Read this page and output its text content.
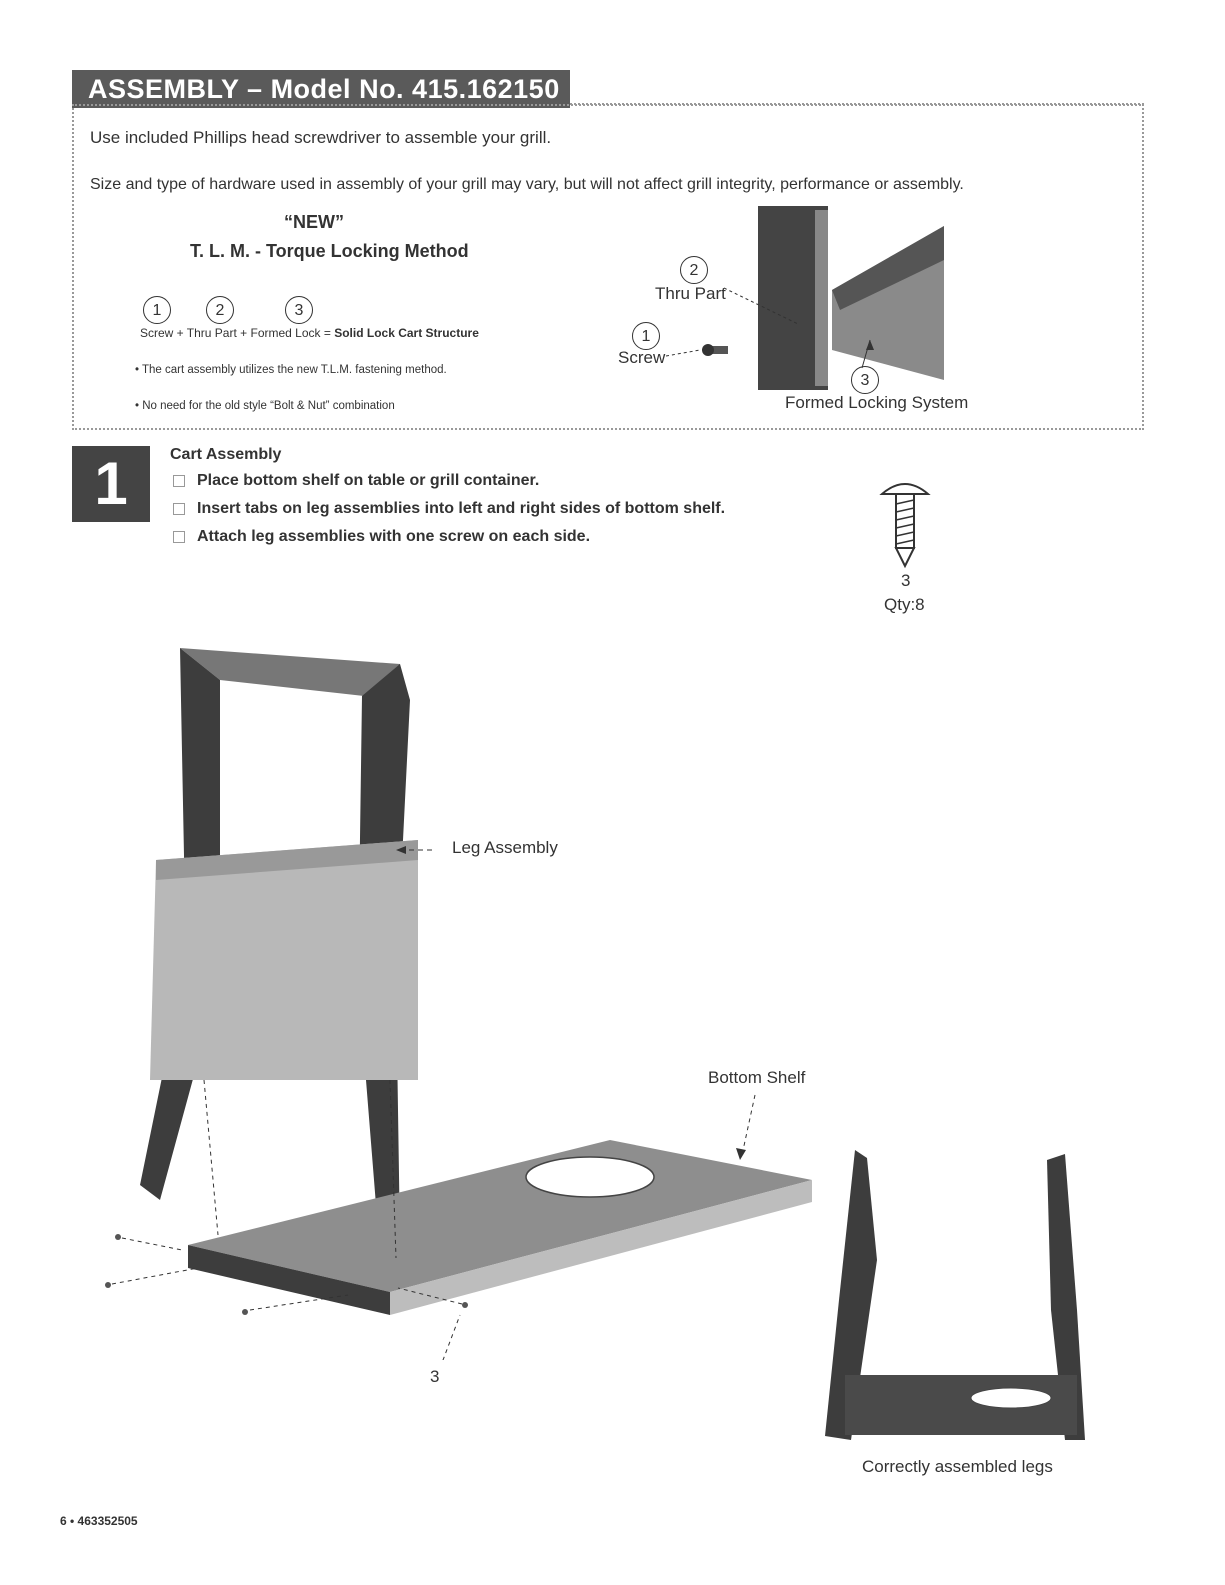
ASSEMBLY – Model No. 415.162150
Use included Phillips head screwdriver to assemble your grill.
Size and type of hardware used in assembly of your grill may vary, but will not affect grill integrity, performance or assembly.
“NEW”
T. L. M. - Torque Locking Method
1	2	3
Screw + Thru Part + Formed Lock = Solid Lock Cart Structure
• The cart assembly utilizes the new T.L.M. fastening method.
• No need for the old style “Bolt & Nut” combination
2
Thru Part
1
Screw
3
Formed Locking System
1	Cart Assembly
Place bottom shelf on table or grill container.
Insert tabs on leg assemblies into left and right sides of bottom shelf.
Attach leg assemblies with one screw on each side.
3
Qty:8
Leg Assembly
Bottom Shelf
3
Correctly assembled legs
6 • 463352505
